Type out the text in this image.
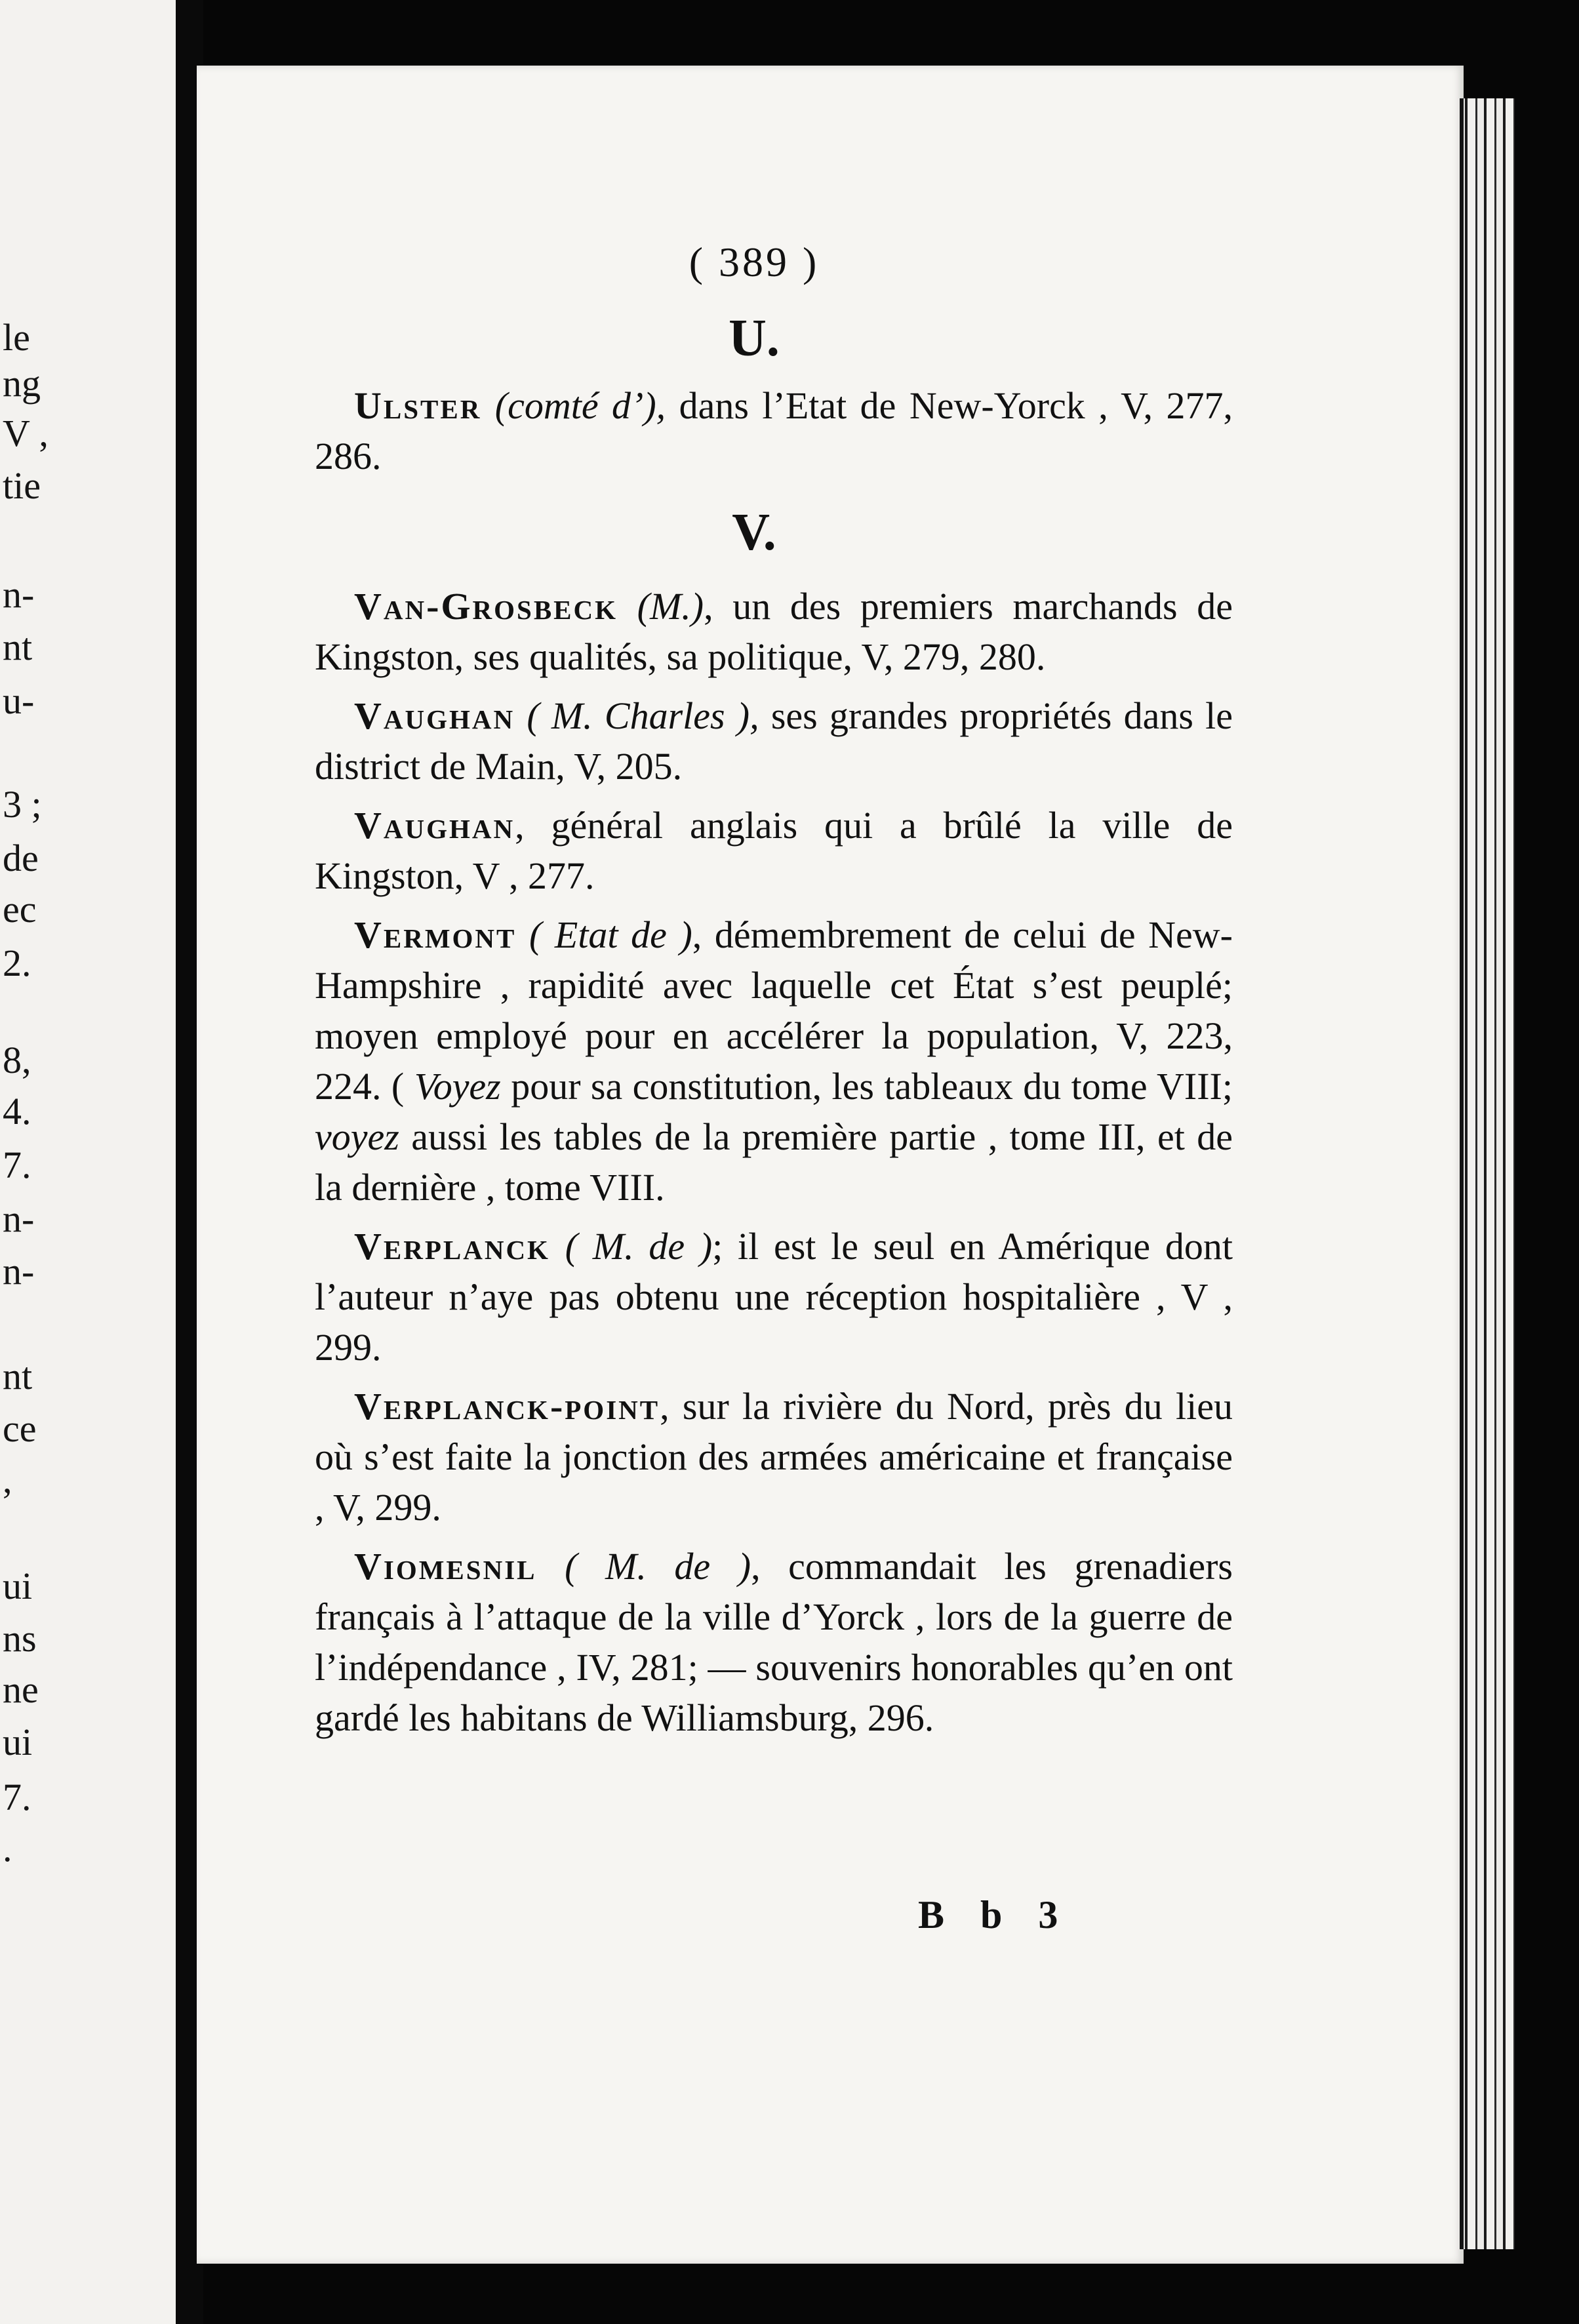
le
ng
V ,
tie
n-
nt
u-
3 ;
de
ec
2.
8,
4.
7.
n-
n-
nt
ce
,
ui
ns
ne
ui
7.
.
( 389 )
U.

Ulster (comté d’), dans l’Etat de New-Yorck , V, 277, 286.

V.

Van-Grosbeck (M.), un des premiers marchands de Kingston, ses qualités, sa politique, V, 279, 280.

Vaughan ( M. Charles ), ses grandes propriétés dans le district de Main, V, 205.

Vaughan, général anglais qui a brûlé la ville de Kingston, V , 277.

Vermont ( Etat de ), démembrement de celui de New-Hampshire , rapidité avec laquelle cet État s’est peuplé; moyen employé pour en accélérer la population, V, 223, 224. ( Voyez pour sa constitution, les tableaux du tome VIII; voyez aussi les tables de la première partie , tome III, et de la dernière , tome VIII.

Verplanck ( M. de ); il est le seul en Amérique dont l’auteur n’aye pas obtenu une réception hospitalière , V , 299.

Verplanck-point, sur la rivière du Nord, près du lieu où s’est faite la jonction des armées américaine et française , V, 299.

Viomesnil ( M. de ), commandait les grenadiers français à l’attaque de la ville d’Yorck , lors de la guerre de l’indépendance , IV, 281; — souvenirs honorables qu’en ont gardé les habitans de Williamsburg, 296.

B b 3
